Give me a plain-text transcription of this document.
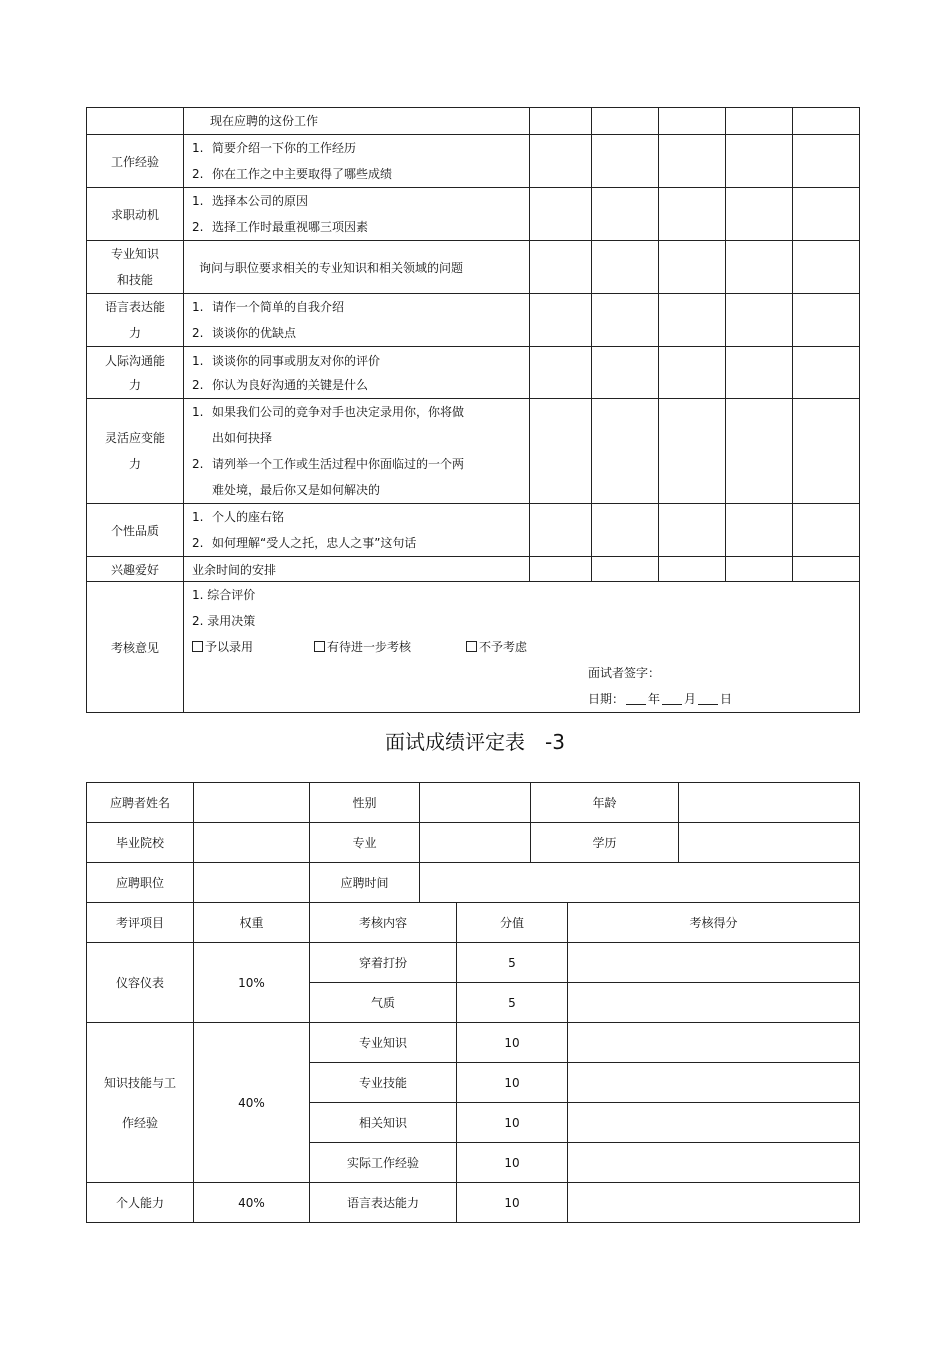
	现在应聘的这份工作					

工作经验	1. 简要介绍一下你的工作经历
2. 你在工作之中主要取得了哪些成绩					

求职动机	1. 选择本公司的原因
2. 选择工作时最重视哪三项因素					

专业知识
和技能	询问与职位要求相关的专业知识和相关领域的问题					

语言表达能
力	1. 请作一个简单的自我介绍
2. 谈谈你的优缺点					

人际沟通能
力	1. 谈谈你的同事或朋友对你的评价
2. 你认为良好沟通的关键是什么					

灵活应变能
力	1. 如果我们公司的竞争对手也决定录用你，你将做
出如何抉择
2. 请列举一个工作或生活过程中你面临过的一个两
难处境，最后你又是如何解决的					

个性品质	1. 个人的座右铭
2. 如何理解“受人之托，忠人之事”这句话					

兴趣爱好	业余时间的安排					
考核意见	1. 综合评价
2. 录用决策
予以录用 有待进一步考核 不予考虑
面试者签字：
日期： 年 月 日					
面试成绩评定表　-3
应聘者姓名		性别			年龄		
毕业院校		专业			学历		
应聘职位		应聘时间					
考评项目	权重	考核内容		分值		考核得分	
仪容仪表	10%	穿着打扮		5			
		气质		5			

知识技能与工
作经验	40%	专业知识		10			
		专业技能		10			
		相关知识		10			
		实际工作经验		10			
个人能力	40%	语言表达能力		10			
